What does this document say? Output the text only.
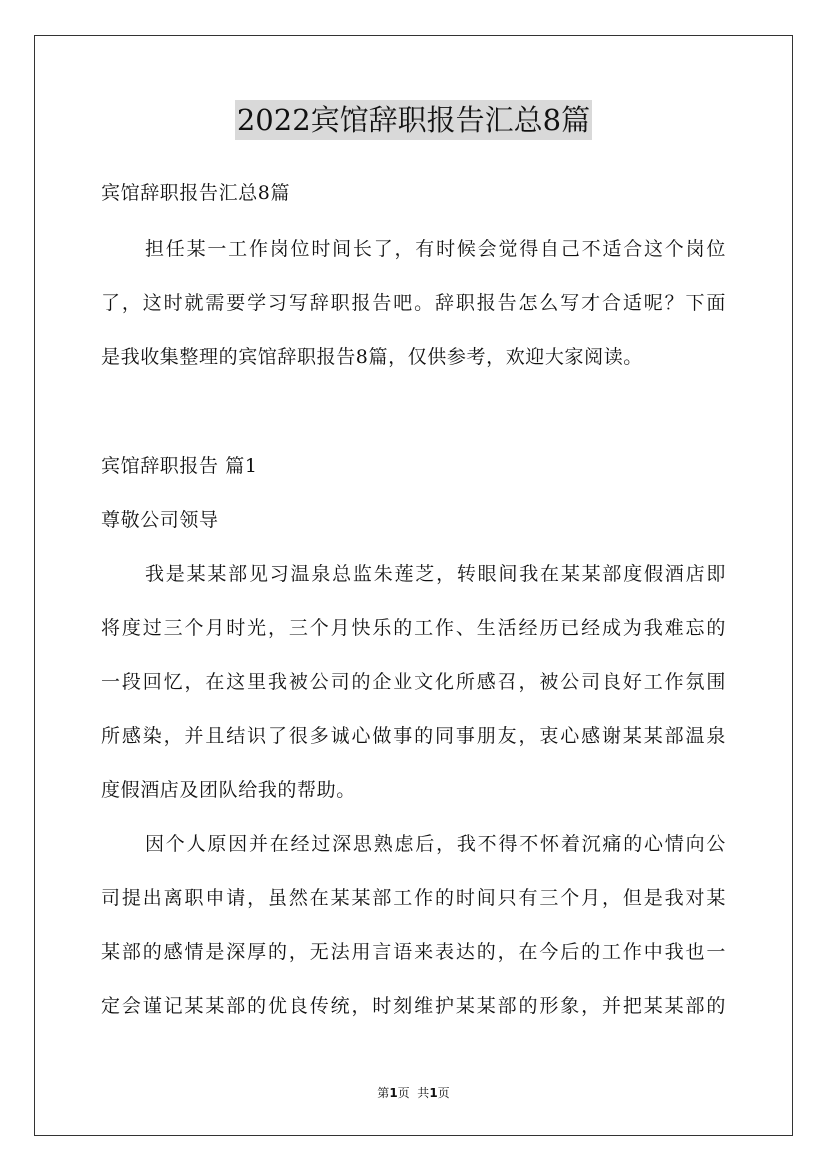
2022宾馆辞职报告汇总8篇
宾馆辞职报告汇总8篇
担任某一工作岗位时间长了，有时候会觉得自己不适合这个岗位
了，这时就需要学习写辞职报告吧。辞职报告怎么写才合适呢？下面
是我收集整理的宾馆辞职报告8篇，仅供参考，欢迎大家阅读。
宾馆辞职报告 篇1
尊敬公司领导
我是某某部见习温泉总监朱莲芝，转眼间我在某某部度假酒店即
将度过三个月时光，三个月快乐的工作、生活经历已经成为我难忘的
一段回忆，在这里我被公司的企业文化所感召，被公司良好工作氛围
所感染，并且结识了很多诚心做事的同事朋友，衷心感谢某某部温泉
度假酒店及团队给我的帮助。
因个人原因并在经过深思熟虑后，我不得不怀着沉痛的心情向公
司提出离职申请，虽然在某某部工作的时间只有三个月，但是我对某
某部的感情是深厚的，无法用言语来表达的，在今后的工作中我也一
定会谨记某某部的优良传统，时刻维护某某部的形象，并把某某部的
第1页  共1页
